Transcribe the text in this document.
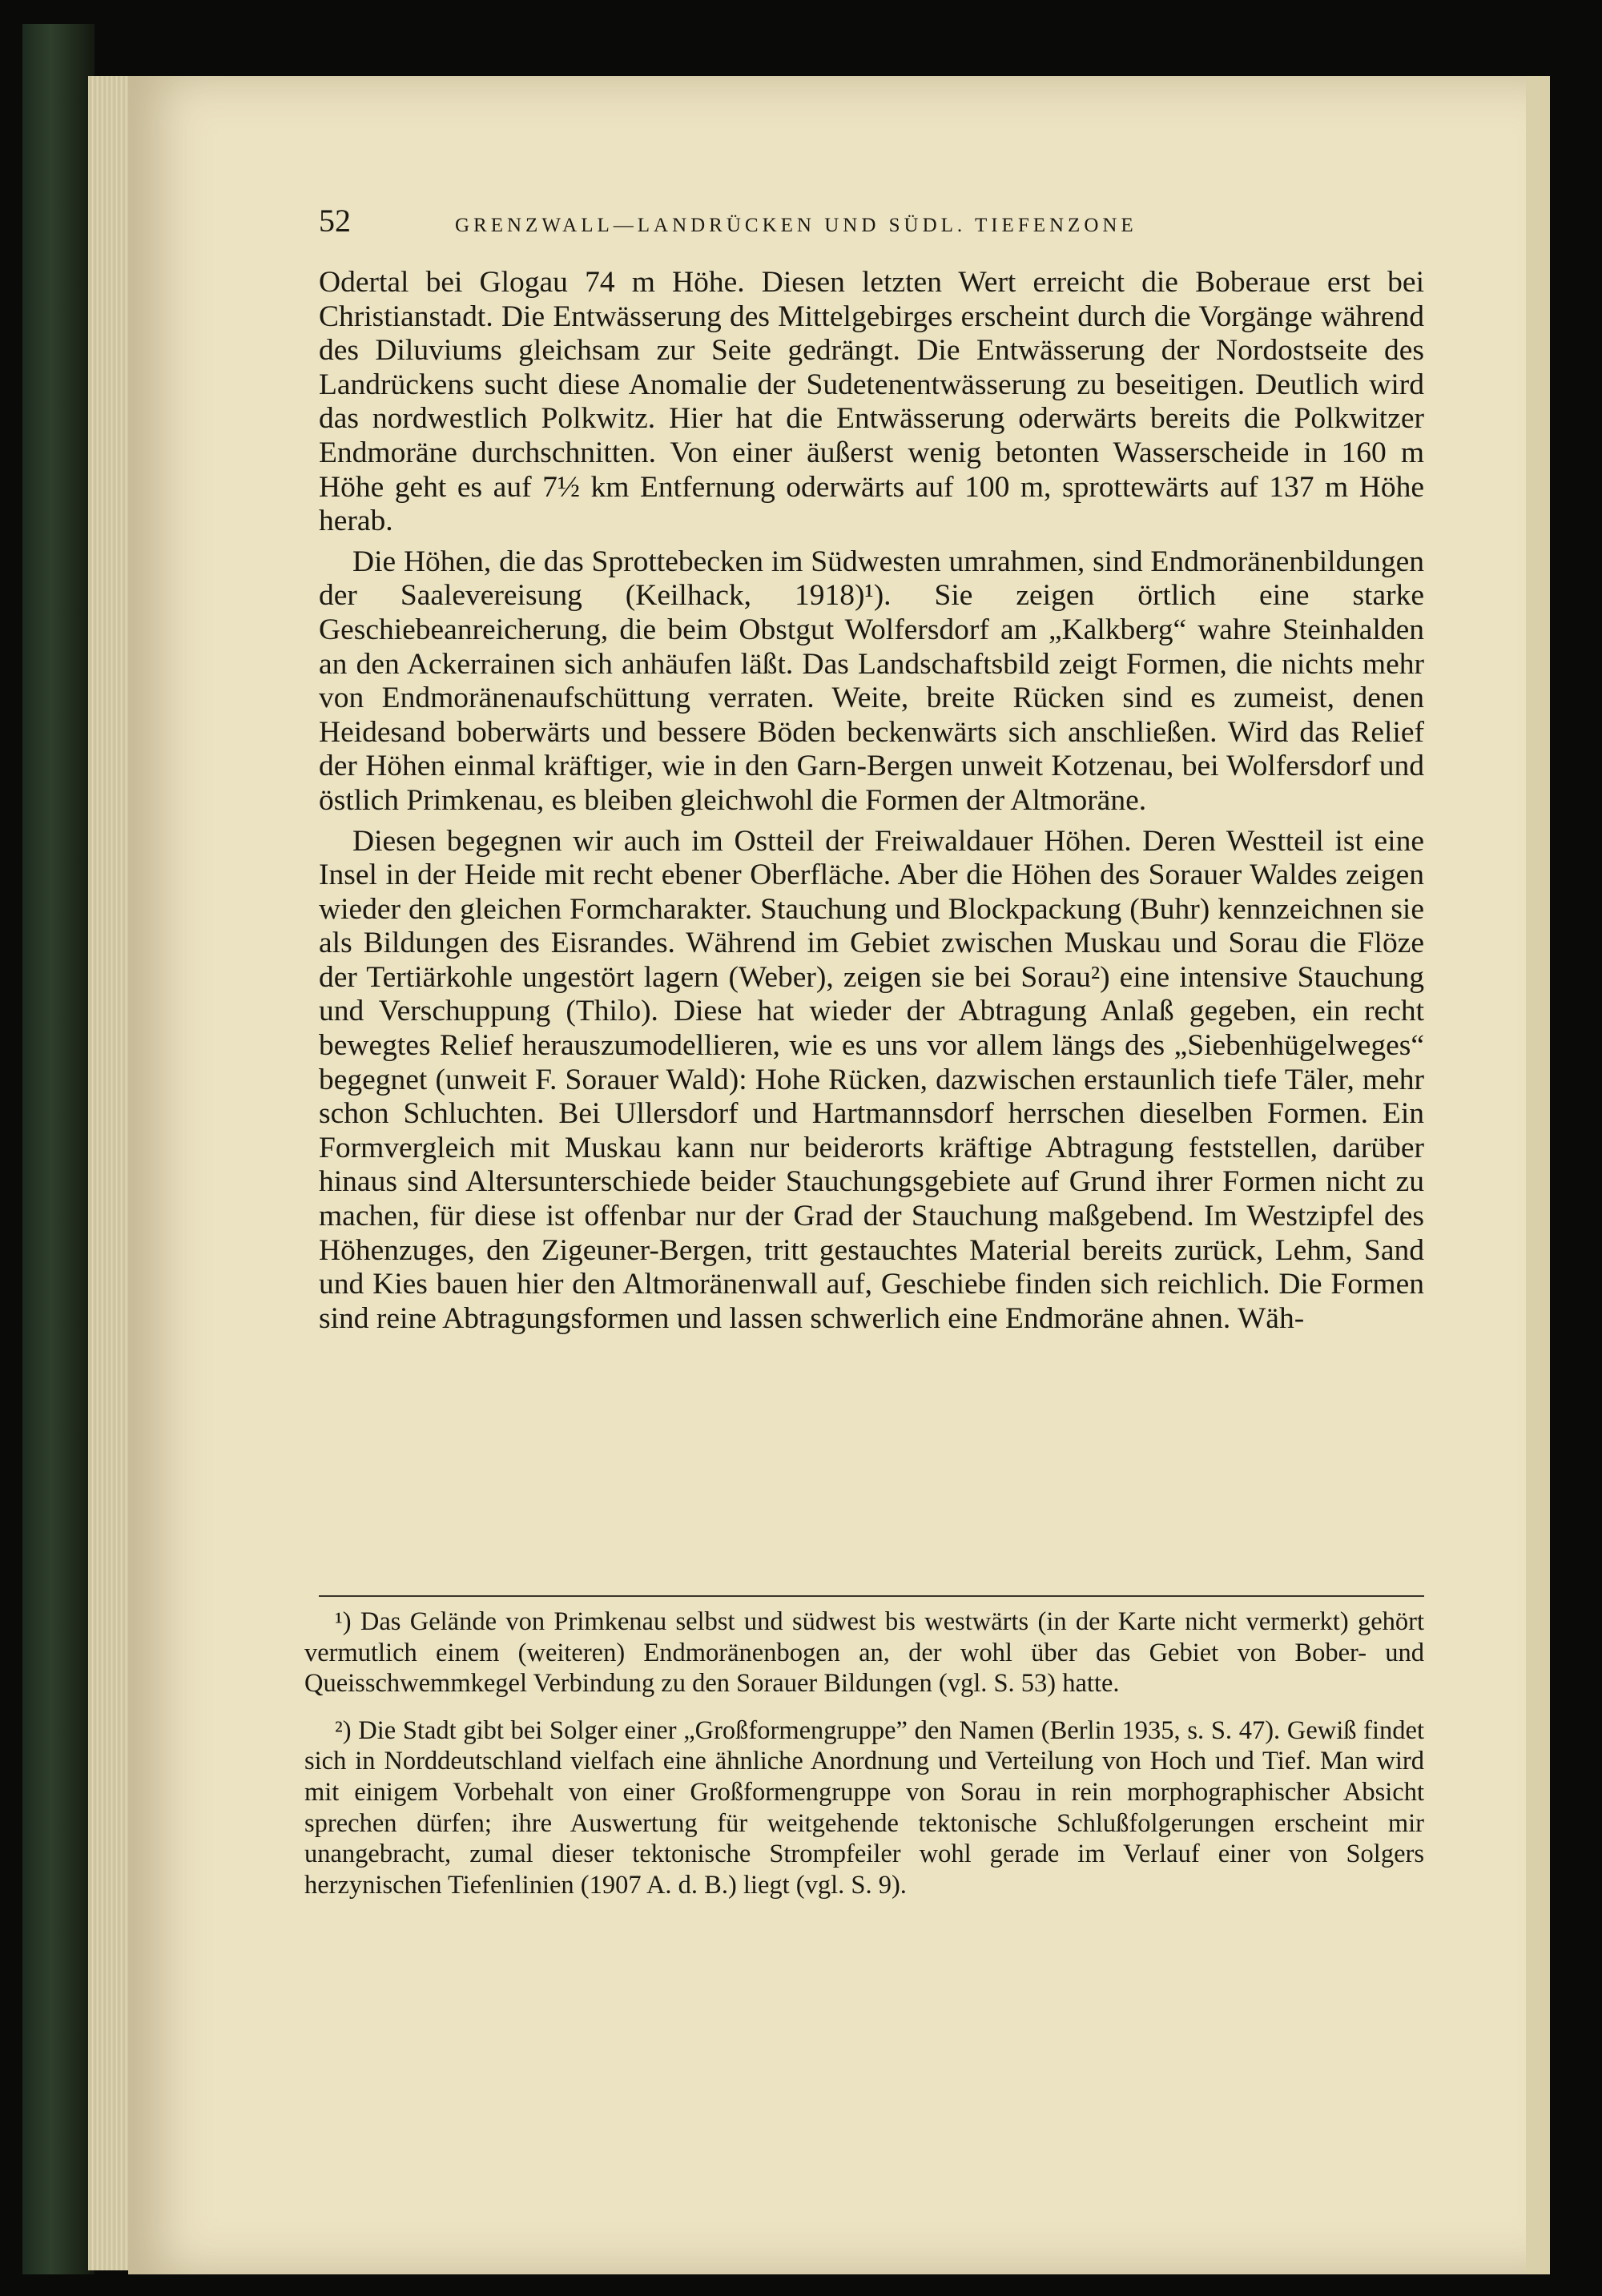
52	GRENZWALL—LANDRÜCKEN UND SÜDL. TIEFENZONE

Odertal bei Glogau 74 m Höhe. Diesen letzten Wert erreicht die Boberaue erst bei Christianstadt. Die Entwässerung des Mittelgebirges erscheint durch die Vorgänge während des Diluviums gleichsam zur Seite gedrängt. Die Entwässerung der Nordostseite des Landrückens sucht diese Anomalie der Sudetenentwässerung zu beseitigen. Deutlich wird das nordwestlich Polkwitz. Hier hat die Entwässerung oderwärts bereits die Polkwitzer Endmoräne durchschnitten. Von einer äußerst wenig betonten Wasserscheide in 160 m Höhe geht es auf 7½ km Entfernung oderwärts auf 100 m, sprottewärts auf 137 m Höhe herab.

Die Höhen, die das Sprottebecken im Südwesten umrahmen, sind Endmoränenbildungen der Saalevereisung (Keilhack, 1918)¹). Sie zeigen örtlich eine starke Geschiebeanreicherung, die beim Obstgut Wolfersdorf am „Kalkberg“ wahre Steinhalden an den Ackerrainen sich anhäufen läßt. Das Landschaftsbild zeigt Formen, die nichts mehr von Endmoränenaufschüttung verraten. Weite, breite Rücken sind es zumeist, denen Heidesand boberwärts und bessere Böden beckenwärts sich anschließen. Wird das Relief der Höhen einmal kräftiger, wie in den Garn-Bergen unweit Kotzenau, bei Wolfersdorf und östlich Primkenau, es bleiben gleichwohl die Formen der Altmoräne.

Diesen begegnen wir auch im Ostteil der Freiwaldauer Höhen. Deren Westteil ist eine Insel in der Heide mit recht ebener Oberfläche. Aber die Höhen des Sorauer Waldes zeigen wieder den gleichen Formcharakter. Stauchung und Blockpackung (Buhr) kennzeichnen sie als Bildungen des Eisrandes. Während im Gebiet zwischen Muskau und Sorau die Flöze der Tertiärkohle ungestört lagern (Weber), zeigen sie bei Sorau²) eine intensive Stauchung und Verschuppung (Thilo). Diese hat wieder der Abtragung Anlaß gegeben, ein recht bewegtes Relief herauszumodellieren, wie es uns vor allem längs des „Siebenhügelweges“ begegnet (unweit F. Sorauer Wald): Hohe Rücken, dazwischen erstaunlich tiefe Täler, mehr schon Schluchten. Bei Ullersdorf und Hartmannsdorf herrschen dieselben Formen. Ein Formvergleich mit Muskau kann nur beiderorts kräftige Abtragung feststellen, darüber hinaus sind Altersunterschiede beider Stauchungsgebiete auf Grund ihrer Formen nicht zu machen, für diese ist offenbar nur der Grad der Stauchung maßgebend. Im Westzipfel des Höhenzuges, den Zigeuner-Bergen, tritt gestauchtes Material bereits zurück, Lehm, Sand und Kies bauen hier den Altmoränenwall auf, Geschiebe finden sich reichlich. Die Formen sind reine Abtragungsformen und lassen schwerlich eine Endmoräne ahnen. Wäh-

¹) Das Gelände von Primkenau selbst und südwest bis westwärts (in der Karte nicht vermerkt) gehört vermutlich einem (weiteren) Endmoränenbogen an, der wohl über das Gebiet von Bober- und Queisschwemmkegel Verbindung zu den Sorauer Bildungen (vgl. S. 53) hatte.

²) Die Stadt gibt bei Solger einer „Großformengruppe” den Namen (Berlin 1935, s. S. 47). Gewiß findet sich in Norddeutschland vielfach eine ähnliche Anordnung und Verteilung von Hoch und Tief. Man wird mit einigem Vorbehalt von einer Großformengruppe von Sorau in rein morphographischer Absicht sprechen dürfen; ihre Auswertung für weitgehende tektonische Schlußfolgerungen erscheint mir unangebracht, zumal dieser tektonische Strompfeiler wohl gerade im Verlauf einer von Solgers herzynischen Tiefenlinien (1907 A. d. B.) liegt (vgl. S. 9).
